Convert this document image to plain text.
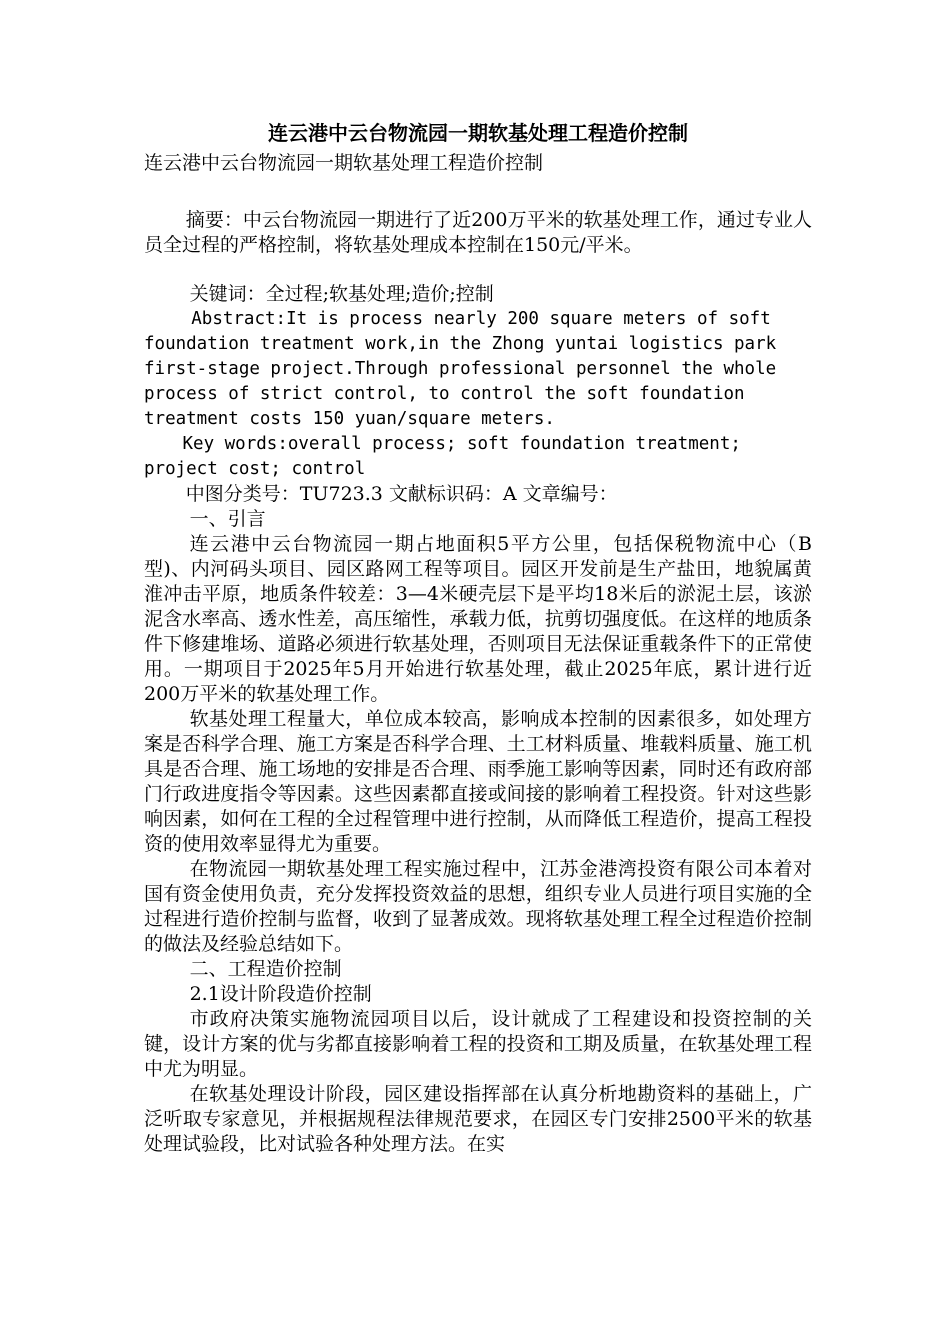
连云港中云台物流园一期软基处理工程造价控制
连云港中云台物流园一期软基处理工程造价控制

摘要：中云台物流园一期进行了近200万平米的软基处理工作，通过专业人员全过程的严格控制，将软基处理成本控制在150元/平米。

关键词：全过程;软基处理;造价;控制

Abstract:It is process nearly 200 square meters of soft foundation treatment work,in the Zhong yuntai logistics park first-stage project.Through professional personnel the whole process of strict control, to control the soft foundation treatment costs 150 yuan/square meters.

Key words:overall process; soft foundation treatment; project cost; control

中图分类号：TU723.3 文献标识码：A 文章编号：

一、引言

连云港中云台物流园一期占地面积5平方公里，包括保税物流中心（B型)、内河码头项目、园区路网工程等项目。园区开发前是生产盐田，地貌属黄淮冲击平原，地质条件较差：3—4米硬壳层下是平均18米后的淤泥土层，该淤泥含水率高、透水性差，高压缩性，承载力低，抗剪切强度低。在这样的地质条件下修建堆场、道路必须进行软基处理，否则项目无法保证重载条件下的正常使用。一期项目于2025年5月开始进行软基处理，截止2025年底，累计进行近200万平米的软基处理工作。

软基处理工程量大，单位成本较高，影响成本控制的因素很多，如处理方案是否科学合理、施工方案是否科学合理、土工材料质量、堆载料质量、施工机具是否合理、施工场地的安排是否合理、雨季施工影响等因素，同时还有政府部门行政进度指令等因素。这些因素都直接或间接的影响着工程投资。针对这些影响因素，如何在工程的全过程管理中进行控制，从而降低工程造价，提高工程投资的使用效率显得尤为重要。

在物流园一期软基处理工程实施过程中，江苏金港湾投资有限公司本着对国有资金使用负责，充分发挥投资效益的思想，组织专业人员进行项目实施的全过程进行造价控制与监督，收到了显著成效。现将软基处理工程全过程造价控制的做法及经验总结如下。

二、工程造价控制

2.1设计阶段造价控制

市政府决策实施物流园项目以后，设计就成了工程建设和投资控制的关键，设计方案的优与劣都直接影响着工程的投资和工期及质量，在软基处理工程中尤为明显。

在软基处理设计阶段，园区建设指挥部在认真分析地勘资料的基础上，广泛听取专家意见，并根据规程法律规范要求，在园区专门安排2500平米的软基处理试验段，比对试验各种处理方法。在实
